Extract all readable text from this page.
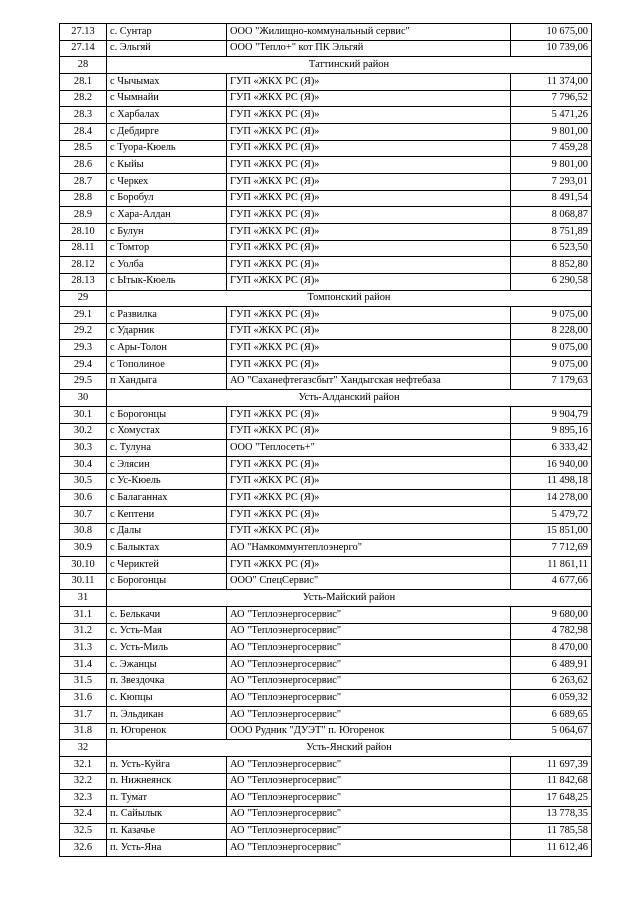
27.13	с. Сунтар	ООО "Жилищно-коммунальный сервис"	10 675,00
27.14	с. Эльгяй	ООО "Тепло+" кот ПК Эльгяй	10 739,06
28	Таттинский район		
28.1	с Чычымах	ГУП «ЖКХ РС (Я)»	11 374,00
28.2	с Чымнайи	ГУП «ЖКХ РС (Я)»	7 796,52
28.3	с Харбалах	ГУП «ЖКХ РС (Я)»	5 471,26
28.4	с Дебдирге	ГУП «ЖКХ РС (Я)»	9 801,00
28.5	с Туора-Кюель	ГУП «ЖКХ РС (Я)»	7 459,28
28.6	с Кыйы	ГУП «ЖКХ РС (Я)»	9 801,00
28.7	с Черкех	ГУП «ЖКХ РС (Я)»	7 293,01
28.8	с Боробул	ГУП «ЖКХ РС (Я)»	8 491,54
28.9	с Хара-Алдан	ГУП «ЖКХ РС (Я)»	8 068,87
28.10	с Булун	ГУП «ЖКХ РС (Я)»	8 751,89
28.11	с Томтор	ГУП «ЖКХ РС (Я)»	6 523,50
28.12	с Уолба	ГУП «ЖКХ РС (Я)»	8 852,80
28.13	с Ытык-Кюель	ГУП «ЖКХ РС (Я)»	6 290,58
29	Томпонский район		
29.1	с Развилка	ГУП «ЖКХ РС (Я)»	9 075,00
29.2	с Ударник	ГУП «ЖКХ РС (Я)»	8 228,00
29.3	с Ары-Толон	ГУП «ЖКХ РС (Я)»	9 075,00
29.4	с Тополиное	ГУП «ЖКХ РС (Я)»	9 075,00
29.5	п Хандыга	АО "Саханефтегазсбыт" Хандыгская нефтебаза	7 179,63
30	Усть-Алданский район		
30.1	с Борогонцы	ГУП «ЖКХ РС (Я)»	9 904,79
30.2	с Хомустах	ГУП «ЖКХ РС (Я)»	9 895,16
30.3	с. Тулуна	ООО "Теплосеть+"	6 333,42
30.4	с Элясин	ГУП «ЖКХ РС (Я)»	16 940,00
30.5	с Ус-Кюель	ГУП «ЖКХ РС (Я)»	11 498,18
30.6	с Балаганнах	ГУП «ЖКХ РС (Я)»	14 278,00
30.7	с Кептени	ГУП «ЖКХ РС (Я)»	5 479,72
30.8	с Далы	ГУП «ЖКХ РС (Я)»	15 851,00
30.9	с Балыктах	АО "Намкоммунтеплоэнерго"	7 712,69
30.10	с Чериктей	ГУП «ЖКХ РС (Я)»	11 861,11
30.11	с Борогонцы	ООО" СпецСервис"	4 677,66
31	Усть-Майский район		
31.1	с. Белькачи	АО "Теплоэнергосервис"	9 680,00
31.2	с. Усть-Мая	АО "Теплоэнергосервис"	4 782,98
31.3	с. Усть-Миль	АО "Теплоэнергосервис"	8 470,00
31.4	с. Эжанцы	АО "Теплоэнергосервис"	6 489,91
31.5	п. Звездочка	АО "Теплоэнергосервис"	6 263,62
31.6	с. Кюпцы	АО "Теплоэнергосервис"	6 059,32
31.7	п. Эльдикан	АО "Теплоэнергосервис"	6 689,65
31.8	п. Югоренок	ООО Рудник "ДУЭТ" п. Югоренок	5 064,67
32	Усть-Янский район		
32.1	п. Усть-Куйга	АО "Теплоэнергосервис"	11 697,39
32.2	п. Нижнеянск	АО "Теплоэнергосервис"	11 842,68
32.3	п. Тумат	АО "Теплоэнергосервис"	17 648,25
32.4	п. Сайылык	АО "Теплоэнергосервис"	13 778,35
32.5	п. Казачье	АО "Теплоэнергосервис"	11 785,58
32.6	п. Усть-Яна	АО "Теплоэнергосервис"	11 612,46
